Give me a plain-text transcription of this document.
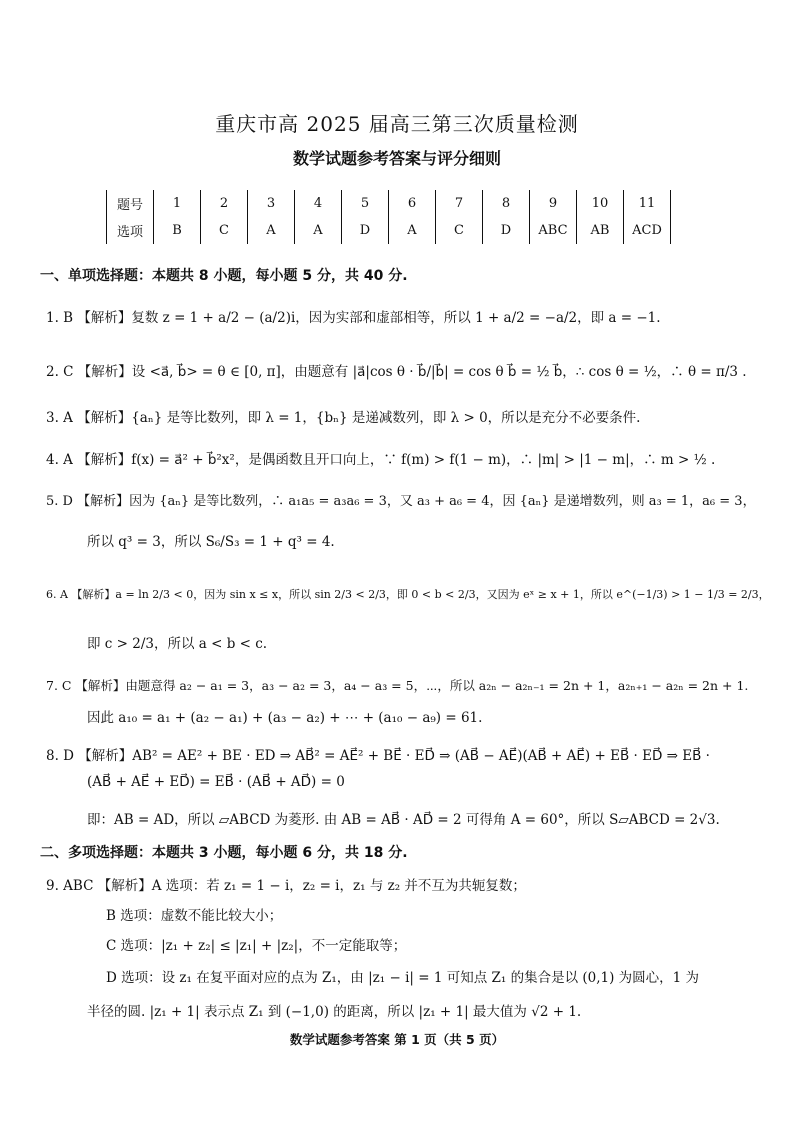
重庆市高 2025 届高三第三次质量检测
数学试题参考答案与评分细则
题号	1	2	3	4	5	6	7	8	9	10	11
选项	B	C	A	A	D	A	C	D	ABC	AB	ACD
一、单项选择题：本题共 8 小题，每小题 5 分，共 40 分.
1. B 【解析】复数 z = 1 + a/2 − (a/2)i，因为实部和虚部相等，所以 1 + a/2 = −a/2，即 a = −1.
2. C 【解析】设 <a⃗, b⃗> = θ ∈ [0, π]，由题意有 |a⃗|cos θ · b⃗/|b⃗| = cos θ b⃗ = ½ b⃗，∴ cos θ = ½，∴ θ = π/3 .
3. A 【解析】{aₙ} 是等比数列，即 λ = 1，{bₙ} 是递减数列，即 λ > 0，所以是充分不必要条件.
4. A 【解析】f(x) = a⃗² + b⃗²x²，是偶函数且开口向上，∵ f(m) > f(1 − m)，∴ |m| > |1 − m|，∴ m > ½ .
5. D 【解析】因为 {aₙ} 是等比数列，∴ a₁a₅ = a₃a₆ = 3，又 a₃ + a₆ = 4，因 {aₙ} 是递增数列，则 a₃ = 1，a₆ = 3，
所以 q³ = 3，所以 S₆/S₃ = 1 + q³ = 4.
6. A 【解析】a = ln 2/3 < 0，因为 sin x ≤ x，所以 sin 2/3 < 2/3，即 0 < b < 2/3，又因为 eˣ ≥ x + 1，所以 e^(−1/3) > 1 − 1/3 = 2/3，
即 c > 2/3，所以 a < b < c.
7. C 【解析】由题意得 a₂ − a₁ = 3，a₃ − a₂ = 3，a₄ − a₃ = 5，⋯，所以 a₂ₙ − a₂ₙ₋₁ = 2n + 1，a₂ₙ₊₁ − a₂ₙ = 2n + 1.
因此 a₁₀ = a₁ + (a₂ − a₁) + (a₃ − a₂) + ⋯ + (a₁₀ − a₉) = 61.
8. D 【解析】AB² = AE² + BE · ED ⇒ AB⃗² = AE⃗² + BE⃗ · ED⃗ ⇒ (AB⃗ − AE⃗)(AB⃗ + AE⃗) + EB⃗ · ED⃗ ⇒ EB⃗ ·
(AB⃗ + AE⃗ + ED⃗) = EB⃗ · (AB⃗ + AD⃗) = 0
即：AB = AD，所以 ▱ABCD 为菱形. 由 AB = AB⃗ · AD⃗ = 2 可得角 A = 60°，所以 S▱ABCD = 2√3.
二、多项选择题：本题共 3 小题，每小题 6 分，共 18 分.
9. ABC 【解析】A 选项：若 z₁ = 1 − i，z₂ = i，z₁ 与 z₂ 并不互为共轭复数；
B 选项：虚数不能比较大小；
C 选项：|z₁ + z₂| ≤ |z₁| + |z₂|，不一定能取等；
D 选项：设 z₁ 在复平面对应的点为 Z₁，由 |z₁ − i| = 1 可知点 Z₁ 的集合是以 (0,1) 为圆心，1 为
半径的圆. |z₁ + 1| 表示点 Z₁ 到 (−1,0) 的距离，所以 |z₁ + 1| 最大值为 √2 + 1.
数学试题参考答案 第 1 页（共 5 页）
